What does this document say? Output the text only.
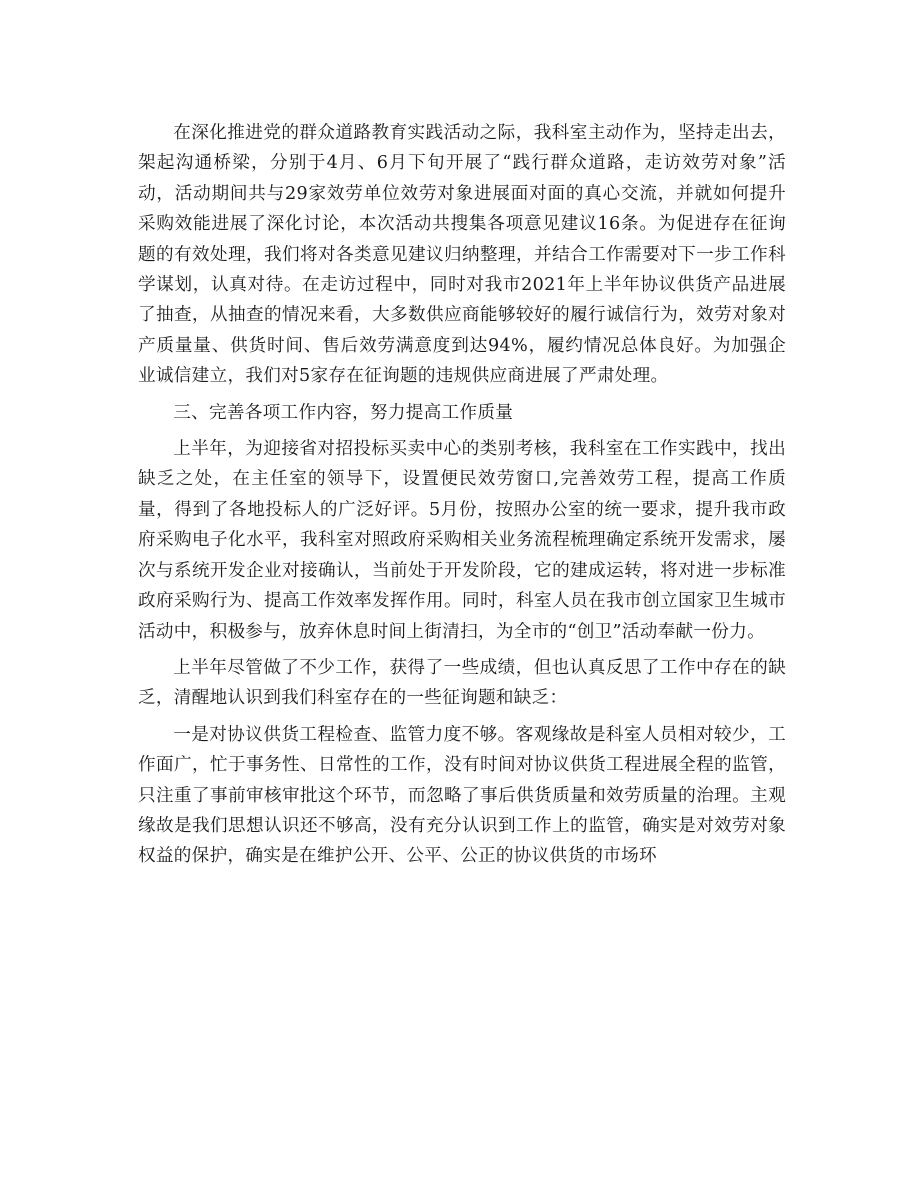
在深化推进党的群众道路教育实践活动之际，我科室主动作为，坚持走出去，架起沟通桥梁，分别于4月、6月下旬开展了“践行群众道路，走访效劳对象”活动，活动期间共与29家效劳单位效劳对象进展面对面的真心交流，并就如何提升采购效能进展了深化讨论，本次活动共搜集各项意见建议16条。为促进存在征询题的有效处理，我们将对各类意见建议归纳整理，并结合工作需要对下一步工作科学谋划，认真对待。在走访过程中，同时对我市2021年上半年协议供货产品进展了抽查，从抽查的情况来看，大多数供应商能够较好的履行诚信行为，效劳对象对产质量量、供货时间、售后效劳满意度到达94%，履约情况总体良好。为加强企业诚信建立，我们对5家存在征询题的违规供应商进展了严肃处理。

三、完善各项工作内容，努力提高工作质量

上半年，为迎接省对招投标买卖中心的类别考核，我科室在工作实践中，找出缺乏之处，在主任室的领导下，设置便民效劳窗口,完善效劳工程，提高工作质量，得到了各地投标人的广泛好评。5月份，按照办公室的统一要求，提升我市政府采购电子化水平，我科室对照政府采购相关业务流程梳理确定系统开发需求，屡次与系统开发企业对接确认，当前处于开发阶段，它的建成运转，将对进一步标准政府采购行为、提高工作效率发挥作用。同时，科室人员在我市创立国家卫生城市活动中，积极参与，放弃休息时间上街清扫，为全市的“创卫”活动奉献一份力。

上半年尽管做了不少工作，获得了一些成绩，但也认真反思了工作中存在的缺乏，清醒地认识到我们科室存在的一些征询题和缺乏：

一是对协议供货工程检查、监管力度不够。客观缘故是科室人员相对较少，工作面广，忙于事务性、日常性的工作，没有时间对协议供货工程进展全程的监管，只注重了事前审核审批这个环节，而忽略了事后供货质量和效劳质量的治理。主观缘故是我们思想认识还不够高，没有充分认识到工作上的监管，确实是对效劳对象权益的保护，确实是在维护公开、公平、公正的协议供货的市场环
